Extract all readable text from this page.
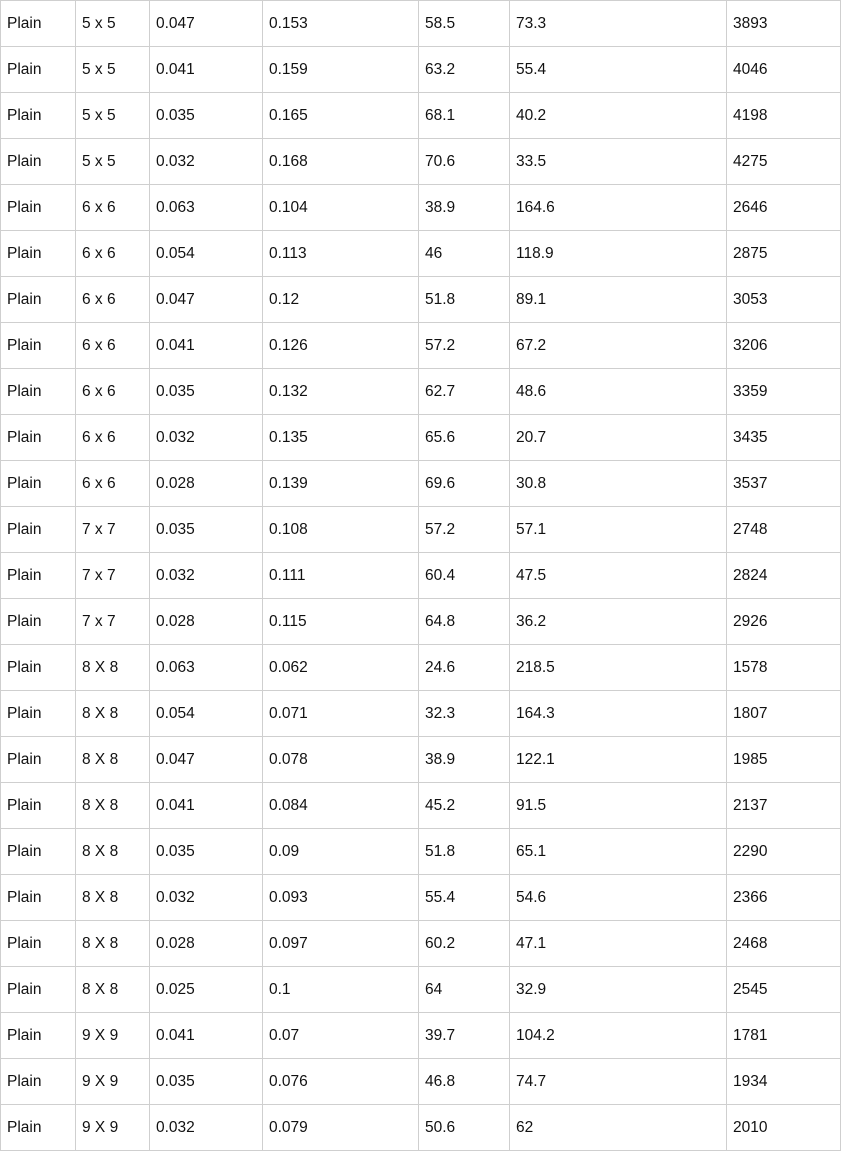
Plain	5 x 5	0.047	0.153	58.5	73.3	3893
Plain	5 x 5	0.041	0.159	63.2	55.4	4046
Plain	5 x 5	0.035	0.165	68.1	40.2	4198
Plain	5 x 5	0.032	0.168	70.6	33.5	4275
Plain	6 x 6	0.063	0.104	38.9	164.6	2646
Plain	6 x 6	0.054	0.113	46	118.9	2875
Plain	6 x 6	0.047	0.12	51.8	89.1	3053
Plain	6 x 6	0.041	0.126	57.2	67.2	3206
Plain	6 x 6	0.035	0.132	62.7	48.6	3359
Plain	6 x 6	0.032	0.135	65.6	20.7	3435
Plain	6 x 6	0.028	0.139	69.6	30.8	3537
Plain	7 x 7	0.035	0.108	57.2	57.1	2748
Plain	7 x 7	0.032	0.111	60.4	47.5	2824
Plain	7 x 7	0.028	0.115	64.8	36.2	2926
Plain	8 X 8	0.063	0.062	24.6	218.5	1578
Plain	8 X 8	0.054	0.071	32.3	164.3	1807
Plain	8 X 8	0.047	0.078	38.9	122.1	1985
Plain	8 X 8	0.041	0.084	45.2	91.5	2137
Plain	8 X 8	0.035	0.09	51.8	65.1	2290
Plain	8 X 8	0.032	0.093	55.4	54.6	2366
Plain	8 X 8	0.028	0.097	60.2	47.1	2468
Plain	8 X 8	0.025	0.1	64	32.9	2545
Plain	9 X 9	0.041	0.07	39.7	104.2	1781
Plain	9 X 9	0.035	0.076	46.8	74.7	1934
Plain	9 X 9	0.032	0.079	50.6	62	2010
